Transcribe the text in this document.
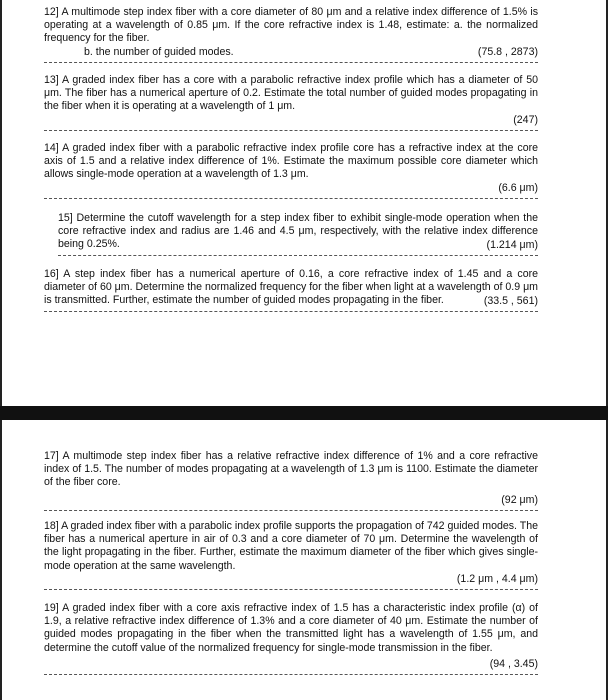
12] A multimode step index fiber with a core diameter of 80 μm and a relative index difference of 1.5% is operating at a wavelength of 0.85 μm. If the core refractive index is 1.48, estimate: a. the normalized frequency for the fiber.

b. the number of guided modes.	(75.8 , 2873)

13] A graded index fiber has a core with a parabolic refractive index profile which has a diameter of 50 μm. The fiber has a numerical aperture of 0.2. Estimate the total number of guided modes propagating in the fiber when it is operating at a wavelength of 1 μm.

(247)

14] A graded index fiber with a parabolic refractive index profile core has a refractive index at the core axis of 1.5 and a relative index difference of 1%. Estimate the maximum possible core diameter which allows single-mode operation at a wavelength of 1.3 μm.

(6.6 μm)

15] Determine the cutoff wavelength for a step index fiber to exhibit single-mode operation when the core refractive index and radius are 1.46 and 4.5 μm, respectively, with the relative index difference being 0.25%.	(1.214 μm)

16] A step index fiber has a numerical aperture of 0.16, a core refractive index of 1.45 and a core diameter of 60 μm. Determine the normalized frequency for the fiber when light at a wavelength of 0.9 μm is transmitted. Further, estimate the number of guided modes propagating in the fiber.	(33.5 , 561)

17] A multimode step index fiber has a relative refractive index difference of 1% and a core refractive index of 1.5. The number of modes propagating at a wavelength of 1.3 μm is 1100. Estimate the diameter of the fiber core.

(92 μm)

18] A graded index fiber with a parabolic index profile supports the propagation of 742 guided modes. The fiber has a numerical aperture in air of 0.3 and a core diameter of 70 μm. Determine the wavelength of the light propagating in the fiber. Further, estimate the maximum diameter of the fiber which gives single-mode operation at the same wavelength.

(1.2 μm , 4.4 μm)

19] A graded index fiber with a core axis refractive index of 1.5 has a characteristic index profile (α) of 1.9, a relative refractive index difference of 1.3% and a core diameter of 40 μm. Estimate the number of guided modes propagating in the fiber when the transmitted light has a wavelength of 1.55 μm, and determine the cutoff value of the normalized frequency for single-mode transmission in the fiber.

(94 , 3.45)
